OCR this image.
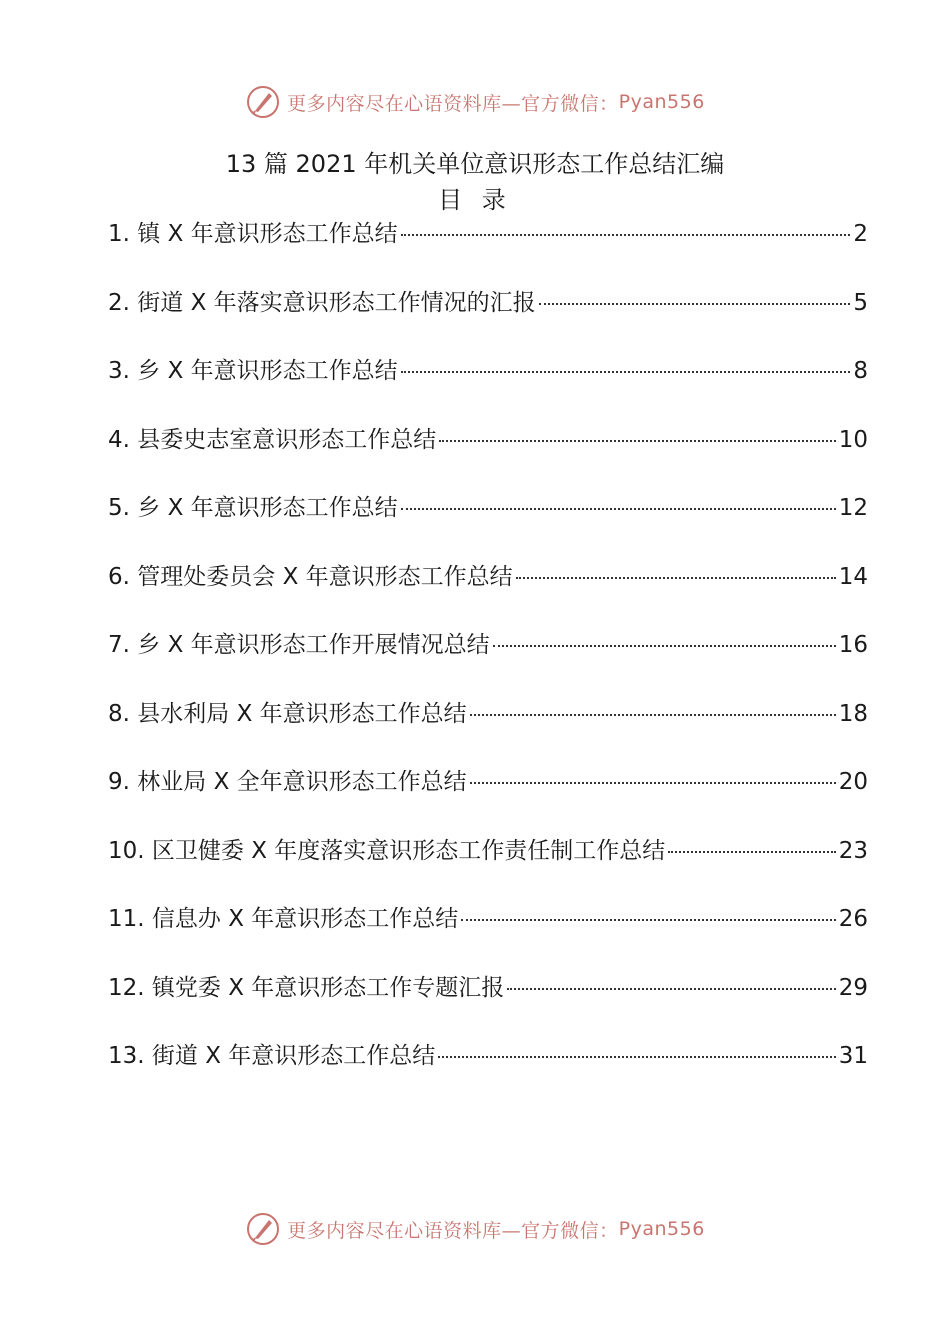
更多内容尽在心语资料库—官方微信： Pyan556
13 篇 2021 年机关单位意识形态工作总结汇编
目 录
1. 镇 X 年意识形态工作总结	2
2. 街道 X 年落实意识形态工作情况的汇报	5
3. 乡 X 年意识形态工作总结	8
4. 县委史志室意识形态工作总结	10
5. 乡 X 年意识形态工作总结	12
6. 管理处委员会 X 年意识形态工作总结	14
7. 乡 X 年意识形态工作开展情况总结	16
8. 县水利局 X 年意识形态工作总结	18
9. 林业局 X 全年意识形态工作总结	20
10. 区卫健委 X 年度落实意识形态工作责任制工作总结	23
11. 信息办 X 年意识形态工作总结	26
12. 镇党委 X 年意识形态工作专题汇报	29
13. 街道 X 年意识形态工作总结	31
更多内容尽在心语资料库—官方微信： Pyan556
